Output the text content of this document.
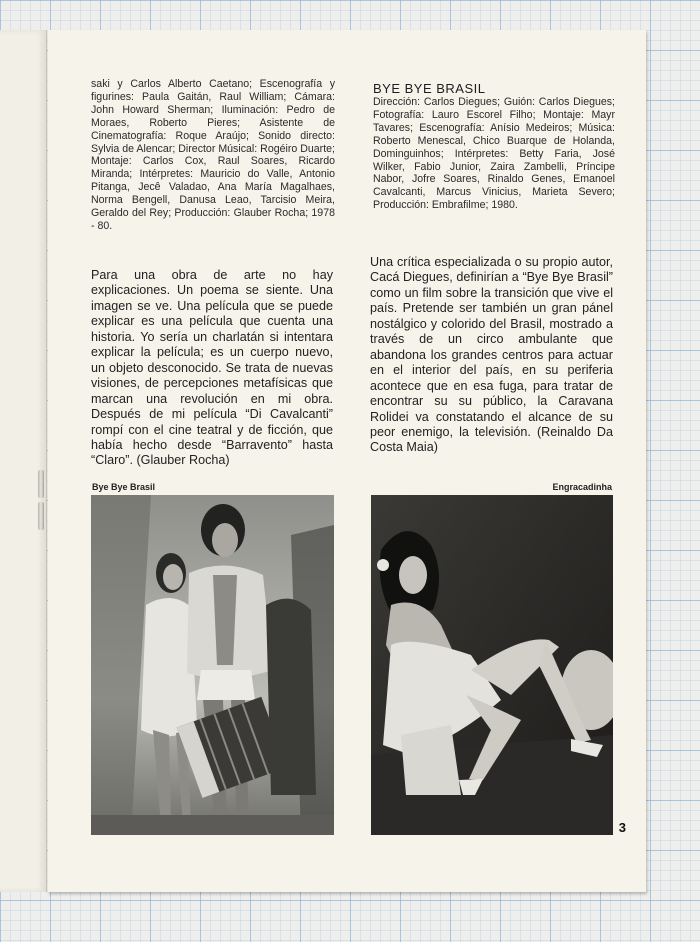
saki y Carlos Alberto Caetano; Escenografía y figurines: Paula Gaitán, Raul William; Cámara: John Howard Sherman; Iluminación: Pedro de Moraes, Roberto Pieres; Asistente de Cinematografía: Roque Araújo; Sonido directo: Sylvia de Alencar; Director Músical: Rogéiro Duarte; Montaje: Carlos Cox, Raul Soares, Ricardo Miranda; Intérpretes: Mauricio do Valle, Antonio Pitanga, Jecê Valadao, Ana María Magalhaes, Norma Bengell, Danusa Leao, Tarcisio Meira, Geraldo del Rey; Producción: Glauber Rocha; 1978 - 80.

BYE BYE BRASIL

Dirección: Carlos Diegues; Guión: Carlos Diegues; Fotografía: Lauro Escorel Filho; Montaje: Mayr Tavares; Escenografía: Anísio Medeiros; Música: Roberto Menescal, Chico Buarque de Holanda, Dominguinhos; Intérpretes: Betty Faria, José Wilker, Fabio Junior, Zaira Zambelli, Príncipe Nabor, Jofre Soares, Rinaldo Genes, Emanoel Cavalcanti, Marcus Vinicius, Marieta Severo; Producción: Embrafilme; 1980.

Para una obra de arte no hay explicaciones. Un poema se siente. Una imagen se ve. Una película que se puede explicar es una película que cuenta una historia. Yo sería un charlatán si intentara explicar la película; es un cuerpo nuevo, un objeto desconocido. Se trata de nuevas visiones, de percepciones metafísicas que marcan una revolución en mi obra. Después de mi película “Di Cavalcanti” rompí con el cine teatral y de ficción, que había hecho desde “Barravento” hasta “Claro”. (Glauber Rocha)

Una crítica especializada o su propio autor, Cacá Diegues, definirían a “Bye Bye Brasil” como un film sobre la transición que vive el país. Pretende ser también un gran pánel nostálgico y colorido del Brasil, mostrado a través de un circo ambulante que abandona los grandes centros para actuar en el interior del país, en su periferia acontece que en esa fuga, para tratar de encontrar su su público, la Caravana Rolidei va constatando el alcance de su peor enemigo, la televisión. (Reinaldo Da Costa Maia)

Bye Bye Brasil	Engracadinha
3
